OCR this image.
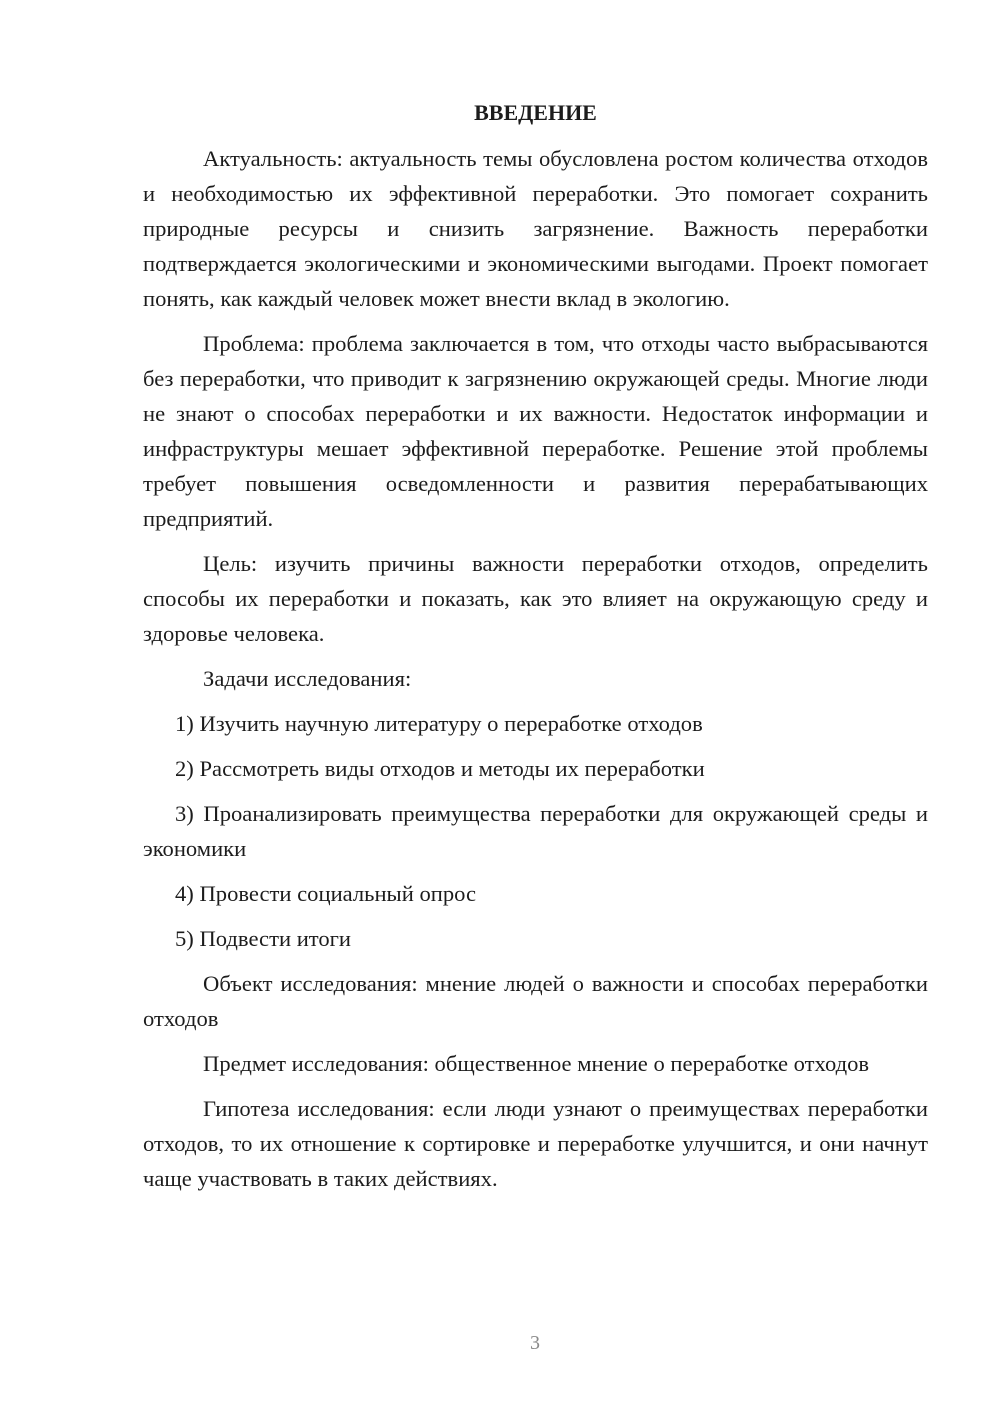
ВВЕДЕНИЕ

Актуальность: актуальность темы обусловлена ростом количества отходов и необходимостью их эффективной переработки. Это помогает сохранить природные ресурсы и снизить загрязнение. Важность переработки подтверждается экологическими и экономическими выгодами. Проект помогает понять, как каждый человек может внести вклад в экологию.

Проблема: проблема заключается в том, что отходы часто выбрасываются без переработки, что приводит к загрязнению окружающей среды. Многие люди не знают о способах переработки и их важности. Недостаток информации и инфраструктуры мешает эффективной переработке. Решение этой проблемы требует повышения осведомленности и развития перерабатывающих предприятий.

Цель: изучить причины важности переработки отходов, определить способы их переработки и показать, как это влияет на окружающую среду и здоровье человека.

Задачи исследования:

1) Изучить научную литературу о переработке отходов

2) Рассмотреть виды отходов и методы их переработки

3) Проанализировать преимущества переработки для окружающей среды и экономики

4) Провести социальный опрос

5) Подвести итоги

Объект исследования: мнение людей о важности и способах переработки отходов

Предмет исследования: общественное мнение о переработке отходов

Гипотеза исследования: если люди узнают о преимуществах переработки отходов, то их отношение к сортировке и переработке улучшится, и они начнут чаще участвовать в таких действиях.

3
